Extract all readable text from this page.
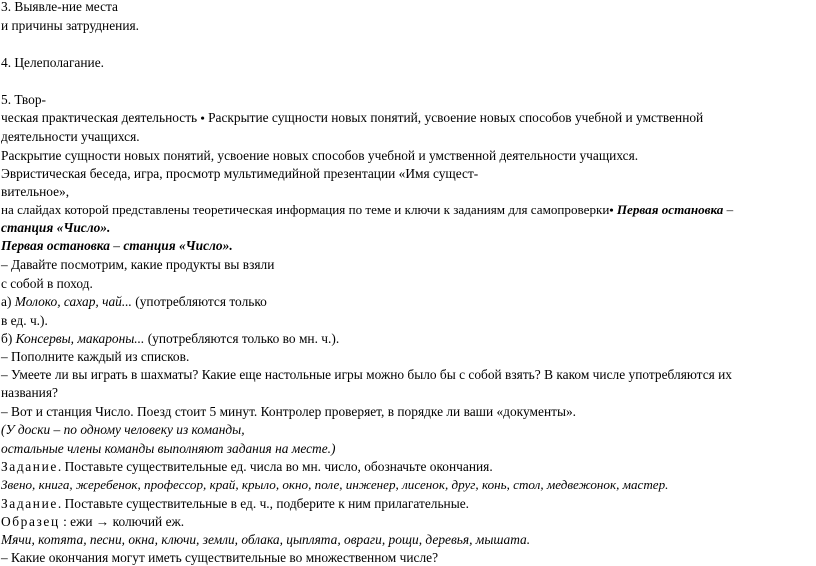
3. Выявле-ние места

и причины затруднения.

4. Целеполагание.

5. Твор-

ческая практическая деятельность • Раскрытие сущности новых понятий, усвоение новых способов учебной и умственной

деятельности учащихся.

Раскрытие сущности новых понятий, усвоение новых способов учебной и умственной деятельности учащихся.

Эвристическая беседа, игра, просмотр мультимедийной презентации «Имя сущест-

вительное»,

на слайдах которой представлены теоретическая информация по теме и ключи к заданиям для самопроверки• Первая остановка –

станция «Число».

Первая остановка – станция «Число».

– Давайте посмотрим, какие продукты вы взяли

с собой в поход.

а) Молоко, сахар, чай... (употребляются только

в ед. ч.).

б) Консервы, макароны... (употребляются только во мн. ч.).

– Пополните каждый из списков.

– Умеете ли вы играть в шахматы? Какие еще настольные игры можно было бы с собой взять? В каком числе употребляются их

названия?

– Вот и станция Число. Поезд стоит 5 минут. Контролер проверяет, в порядке ли ваши «документы».

(У доски – по одному человеку из команды,

остальные члены команды выполняют задания на месте.)

Задание. Поставьте существительные ед. числа во мн. число, обозначьте окончания.

Звено, книга, жеребенок, профессор, край, крыло, окно, поле, инженер, лисенок, друг, конь, стол, медвежонок, мастер.

Задание. Поставьте существительные в ед. ч., подберите к ним прилагательные.

Образец : ежи → колючий еж.

Мячи, котята, песни, окна, ключи, земли, облака, цыплята, овраги, рощи, деревья, мышата.

– Какие окончания могут иметь существительные во множественном числе?
